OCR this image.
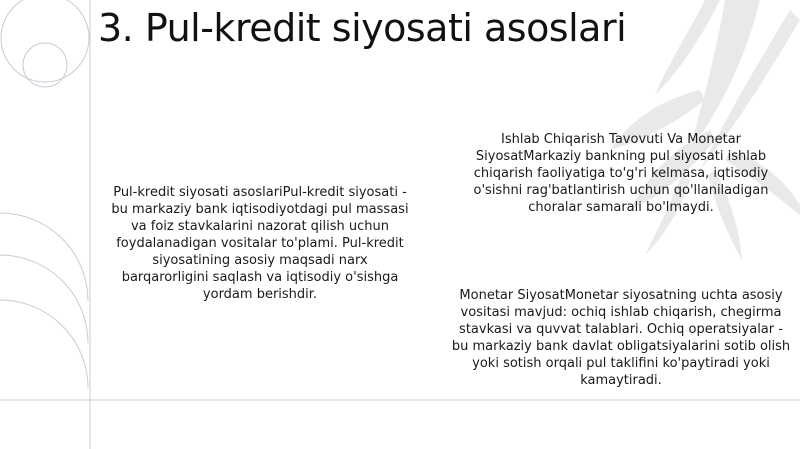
3. Pul-kredit siyosati asoslari

Pul-kredit siyosati asoslariPul-kredit siyosati - bu markaziy bank iqtisodiyotdagi pul massasi va foiz stavkalarini nazorat qilish uchun foydalanadigan vositalar to'plami. Pul-kredit siyosatining asosiy maqsadi narx barqarorligini saqlash va iqtisodiy o'sishga yordam berishdir.

Ishlab Chiqarish Tavovuti Va Monetar SiyosatMarkaziy bankning pul siyosati ishlab chiqarish faoliyatiga to'g'ri kelmasa, iqtisodiy o'sishni rag'batlantirish uchun qo'llaniladigan choralar samarali bo'lmaydi.

Monetar SiyosatMonetar siyosatning uchta asosiy vositasi mavjud: ochiq ishlab chiqarish, chegirma stavkasi va quvvat talablari. Ochiq operatsiyalar - bu markaziy bank davlat obligatsiyalarini sotib olish yoki sotish orqali pul taklifini ko'paytiradi yoki kamaytiradi.
